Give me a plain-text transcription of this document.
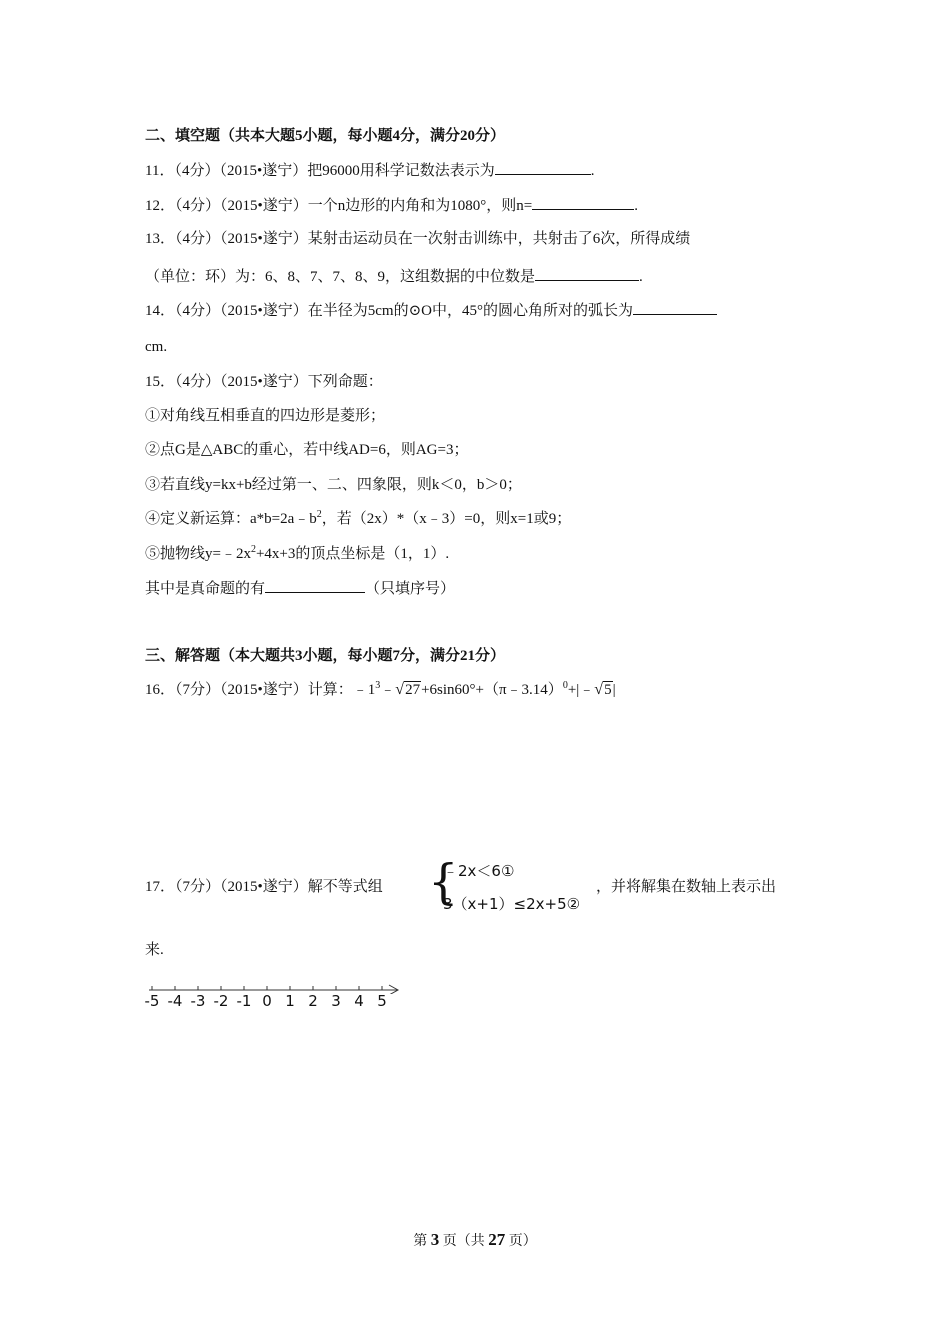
二、填空题（共本大题5小题，每小题4分，满分20分）
11．（4分）（2015•遂宁）把96000用科学记数法表示为	.
12．（4分）（2015•遂宁）一个n边形的内角和为1080°，则n=	.
13．（4分）（2015•遂宁）某射击运动员在一次射击训练中，共射击了6次，所得成绩
（单位：环）为：6、8、7、7、8、9，这组数据的中位数是	.
14．（4分）（2015•遂宁）在半径为5cm的⊙O中，45°的圆心角所对的弧长为
cm.
15．（4分）（2015•遂宁）下列命题：
①对角线互相垂直的四边形是菱形；
②点G是△ABC的重心，若中线AD=6，则AG=3；
③若直线y=kx+b经过第一、二、四象限，则k＜0，b＞0；
④定义新运算：$a*b=2a﹣b^2$，若（2x）*（x﹣3）=0，则x=1或9；
⑤抛物线$y=﹣2x^2+4x+3$的顶点坐标是（1，1）.
其中是真命题的有	（只填序号）
三、解答题（本大题共3小题，每小题7分，满分21分）
16．（7分）（2015•遂宁）计算：$﹣1^3﹣√27+6\sin 60^\circ+(\pi﹣3.14)^0+|﹣√5|$
17．（7分）（2015•遂宁）解不等式组 {
﹣2x＜6①
3（x+1）≤2x+5②
，并将解集在数轴上表示出
来.
-5 -4 -3 -2 -1 0 1 2 3 4 5
第 3 页（共 27 页）
